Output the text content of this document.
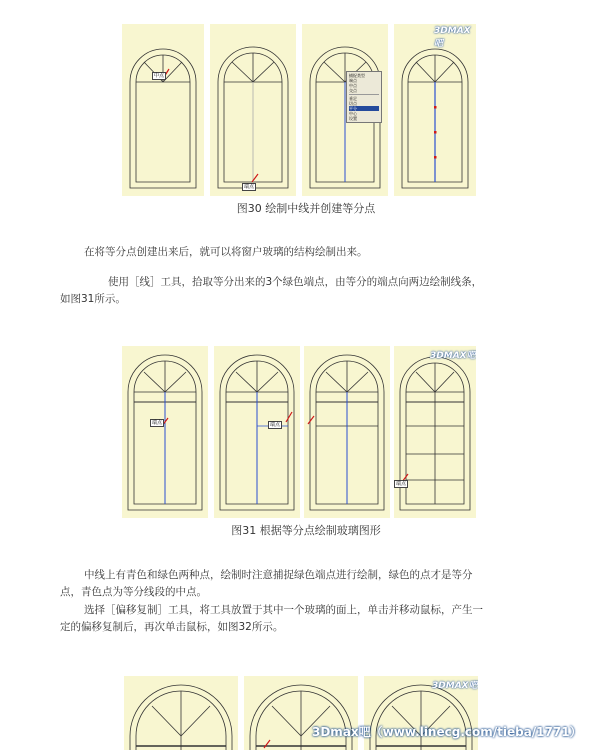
中点
端点
捕捉类型
端点
中点
交点
垂足
切点
平分
中心
设置
3DMAX吧
图30 绘制中线并创建等分点
在将等分点创建出来后，就可以将窗户玻璃的结构绘制出来。
使用［线］工具，拾取等分出来的3个绿色端点，由等分的端点向两边绘制线条，
如图31所示。
端点	端点
端点
3DMAX吧
图31 根据等分点绘制玻璃图形
中线上有青色和绿色两种点，绘制时注意捕捉绿色端点进行绘制，绿色的点才是等分
点，青色点为等分线段的中点。
选择［偏移复制］工具，将工具放置于其中一个玻璃的面上，单击并移动鼠标，产生一
定的偏移复制后，再次单击鼠标，如图32所示。
3DMAX吧
3Dmax吧（www.linecg.com/tieba/1771）
